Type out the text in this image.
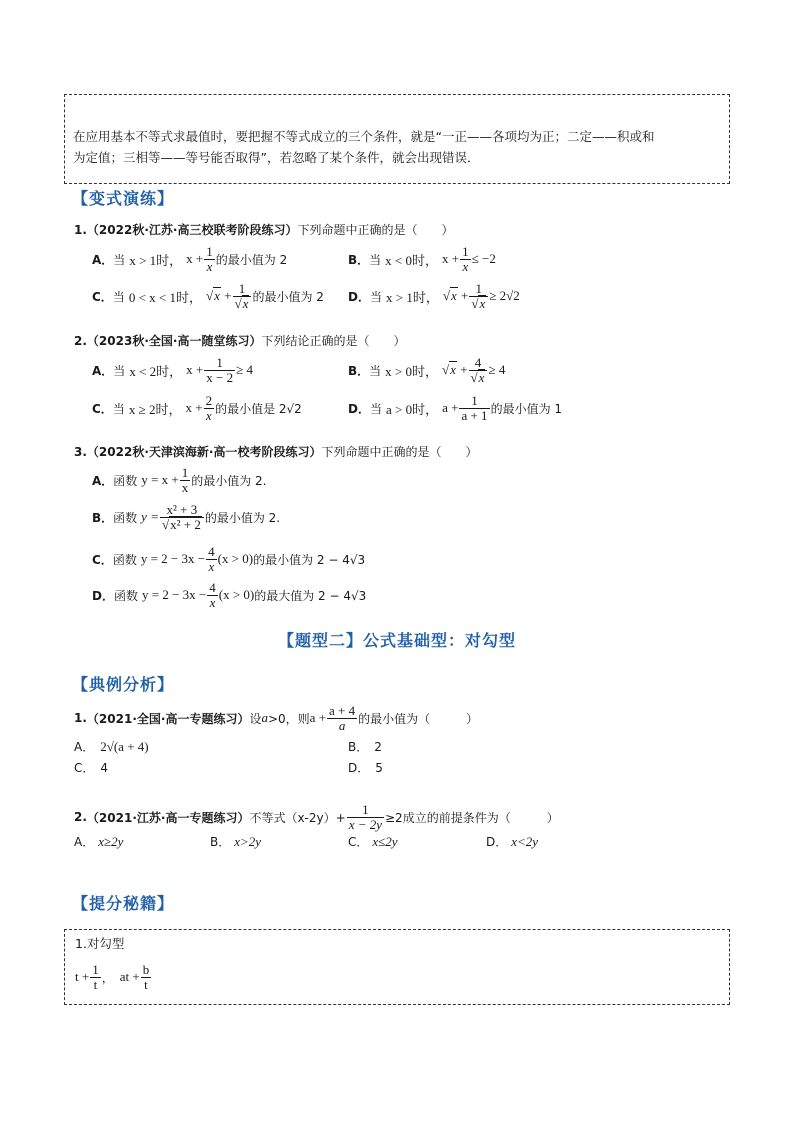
在应用基本不等式求最值时，要把握不等式成立的三个条件，就是“一正——各项均为正；二定——积或和
为定值；三相等——等号能否取得”，若忽略了某个条件，就会出现错误．
【变式演练】
1. （2022秋·江苏·高三校联考阶段练习） 下列命题中正确的是（　　）
A． 当 x > 1时， $x + \frac{1}{x}$ 的最小值为 2	B． 当 x < 0时， $x + \frac{1}{x} \le -2$
C． 当 0 < x < 1时， $√x + \frac{1}{√x}$ 的最小值为 2 D． 当 x > 1时， $√x + \frac{1}{√x} \ge 2√2$
2. （2023秋·全国·高一随堂练习） 下列结论正确的是（　　）
A． 当 x < 2时， $x + \frac{1}{x - 2} \ge 4$	B． 当 x > 0时， $√x + \frac{4}{√x} \ge 4$
C． 当 x ≥ 2时， $x + \frac{2}{x}$ 的最小值是 2√2	D． 当 a > 0时， $a + \frac{1}{a + 1}$ 的最小值为 1
3. （2022秋·天津滨海新·高一校考阶段练习） 下列命题中正确的是（　　）
A． 函数 $y = x + \frac{1}{x}$ 的最小值为 2.
B． 函数 $y = \frac{\text{x² + 3}}{\text{√x² + 2}}$ 的最小值为 2.
C． 函数 $y = 2 - 3x - \frac{4}{x} (x > 0)$ 的最小值为 2 − 4√3
D． 函数 $y = 2 - 3x - \frac{4}{x} (x > 0)$ 的最大值为 2 − 4√3
【题型二】公式基础型：对勾型
【典例分析】
1. （2021·全国·高一专题练习） 设 a >0，则 $a + \frac{a + 4}{a}$ 的最小值为（　　　）
A． 2√(a + 4)	B． 2
C． 4	D． 5
2. （2021·江苏·高一专题练习） 不等式$(x-2y)+ \frac{1}{x - 2y} \ge 2$成立的前提条件为（　　　）
A． x≥2y	B． x>2y	C． x≤2y	D． x<2y
【提分秘籍】
1.对勾型
$t + \frac{1}{t}$ ， at + $\frac{b}{t}$
